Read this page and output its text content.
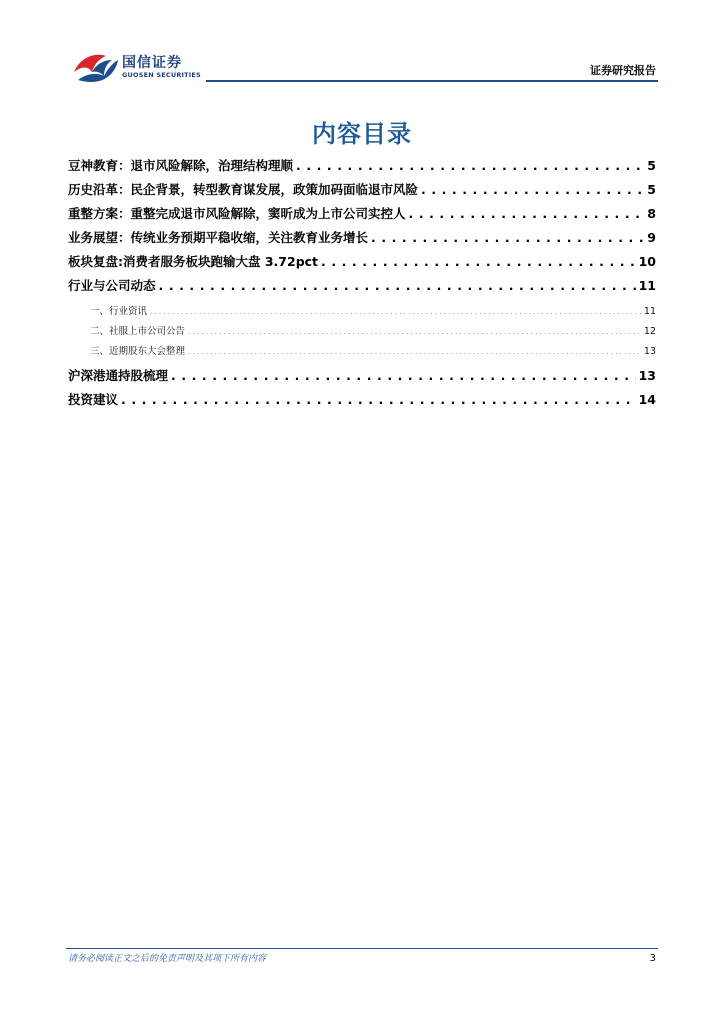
国信证券
GUOSEN SECURITIES	证券研究报告
内容目录
豆神教育：退市风险解除，治理结构理顺 . . .	5
历史沿革：民企背景，转型教育谋发展，政策加码面临退市风险 . . .	5
重整方案：重整完成退市风险解除，窦昕成为上市公司实控人 . . .	8
业务展望：传统业务预期平稳收缩，关注教育业务增长 . . .	9
板块复盘:消费者服务板块跑输大盘 3.72pct . . .	10
行业与公司动态 . . .	11
一、行业资讯 . . .	11
二、社服上市公司公告 . . .	12
三、近期股东大会整理 . . .	13
沪深港通持股梳理 . . .	13
投资建议 . . .	14
请务必阅读正文之后的免责声明及其项下所有内容	3
